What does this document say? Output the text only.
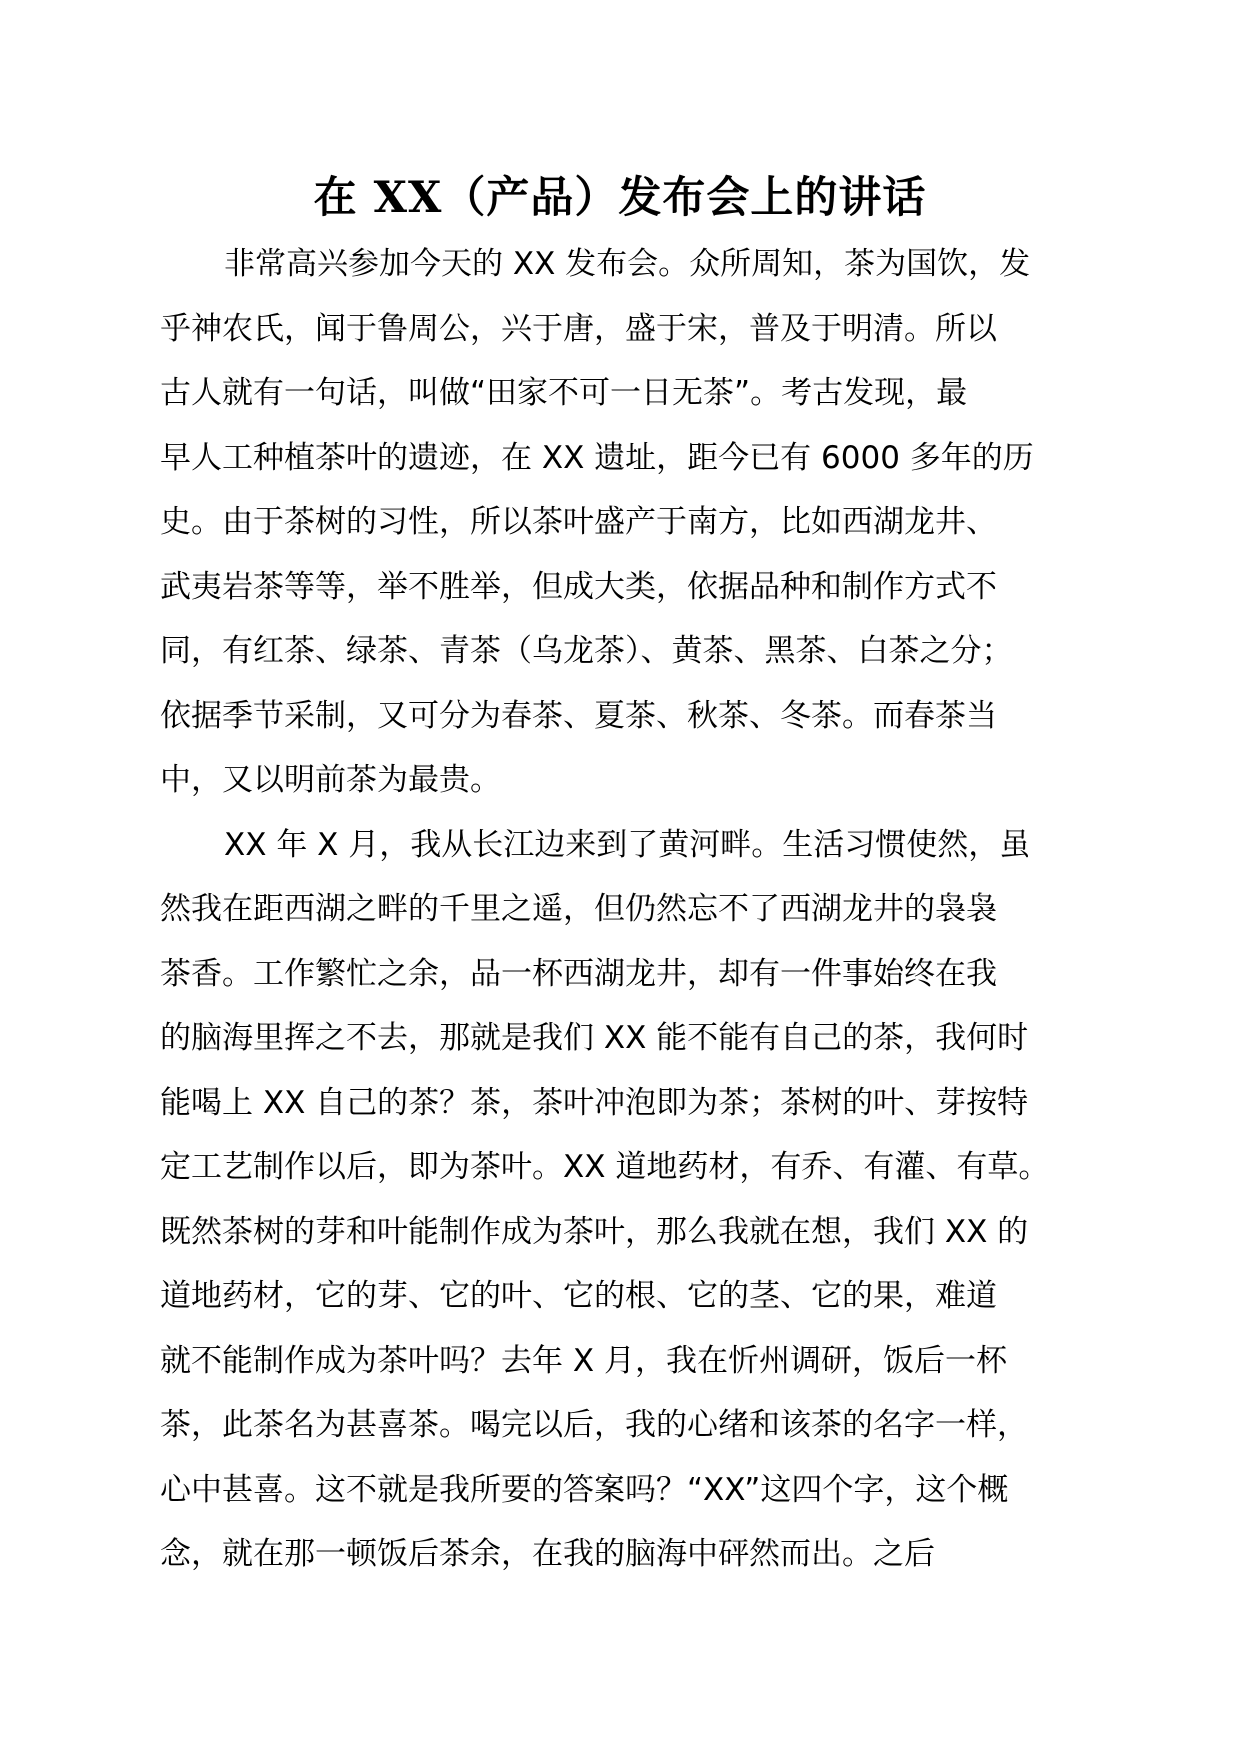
在 XX（产品）发布会上的讲话
非常高兴参加今天的 XX 发布会。众所周知，茶为国饮，发
乎神农氏，闻于鲁周公，兴于唐，盛于宋，普及于明清。所以
古人就有一句话，叫做“田家不可一日无茶”。考古发现，最
早人工种植茶叶的遗迹，在 XX 遗址，距今已有 6000 多年的历
史。由于茶树的习性，所以茶叶盛产于南方，比如西湖龙井、
武夷岩茶等等，举不胜举，但成大类，依据品种和制作方式不
同，有红茶、绿茶、青茶（乌龙茶）、黄茶、黑茶、白茶之分；
依据季节采制，又可分为春茶、夏茶、秋茶、冬茶。而春茶当
中，又以明前茶为最贵。
XX 年 X 月，我从长江边来到了黄河畔。生活习惯使然，虽
然我在距西湖之畔的千里之遥，但仍然忘不了西湖龙井的袅袅
茶香。工作繁忙之余，品一杯西湖龙井，却有一件事始终在我
的脑海里挥之不去，那就是我们 XX 能不能有自己的茶，我何时
能喝上 XX 自己的茶？茶，茶叶冲泡即为茶；茶树的叶、芽按特
定工艺制作以后，即为茶叶。XX 道地药材，有乔、有灌、有草。
既然茶树的芽和叶能制作成为茶叶，那么我就在想，我们 XX 的
道地药材，它的芽、它的叶、它的根、它的茎、它的果，难道
就不能制作成为茶叶吗？去年 X 月，我在忻州调研，饭后一杯
茶，此茶名为甚喜茶。喝完以后，我的心绪和该茶的名字一样，
心中甚喜。这不就是我所要的答案吗？“XX”这四个字，这个概
念，就在那一顿饭后茶余，在我的脑海中砰然而出。之后
